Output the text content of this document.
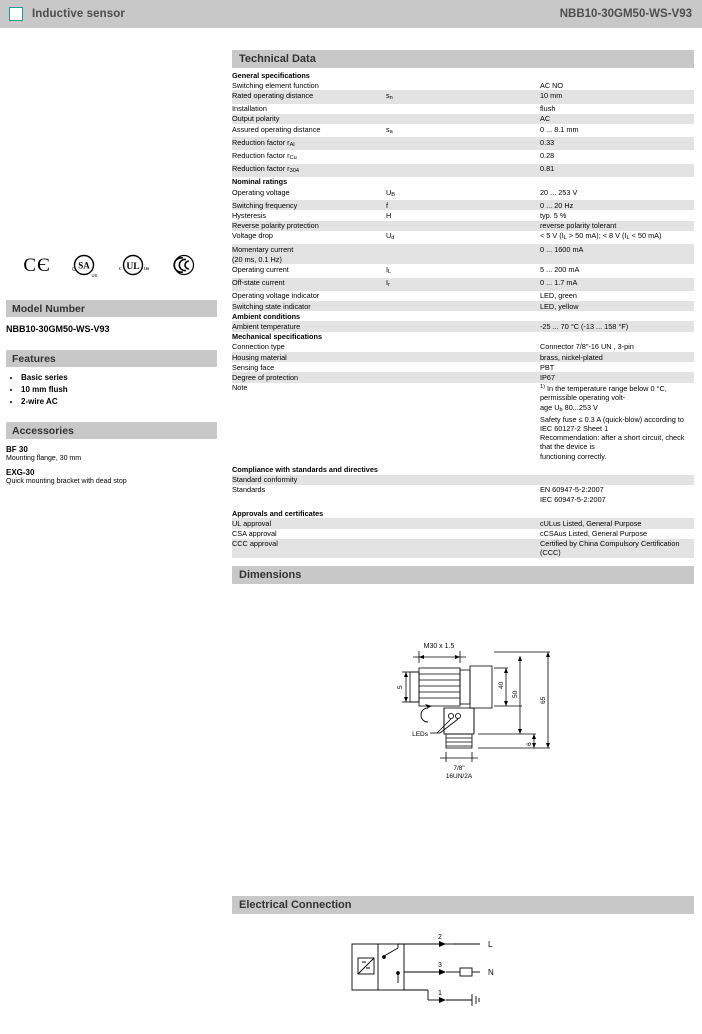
Inductive sensor	NBB10-30GM50-WS-V93
CЄ	SA
C
US
c UL us
Model Number
NBB10-30GM50-WS-V93
Features
• Basic series
• 10 mm flush
• 2-wire AC
Accessories
BF 30
Mounting flange, 30 mm
EXG-30
Quick mounting bracket with dead stop
Technical Data
General specifications		
Switching element function		AC NO
Rated operating distance	sn	10 mm
Installation		flush
Output polarity		AC
Assured operating distance	sa	0 ... 8.1 mm
Reduction factor rAl		0.33
Reduction factor rCu		0.28
Reduction factor r304		0.81
Nominal ratings		
Operating voltage	UB	20 ... 253 V
Switching frequency	f	0 ... 20 Hz
Hysteresis	H	typ. 5 %
Reverse polarity protection		reverse polarity tolerant
Voltage drop	Ud	< 5 V (IL > 50 mA); < 8 V (IL < 50 mA)
Momentary current		0 ... 1600 mA
(20 ms, 0.1 Hz)		
Operating current	IL	5 ... 200 mA
Off-state current	Ir	0 ... 1.7 mA
Operating voltage indicator		LED, green
Switching state indicator		LED, yellow
Ambient conditions		
Ambient temperature		-25 ... 70 °C (-13 ... 158 °F)
Mechanical specifications		
Connection type		Connector 7/8"-16 UN , 3-pin
Housing material		brass, nickel-plated
Sensing face		PBT
Degree of protection		IP67
Note		$^{1)}$ In the temperature range below 0 °C, permissible operating volt-
age Ub 80...253 V
Safety fuse ≤ 0.3 A (quick-blow) according to IEC 60127-2 Sheet 1
Recommendation: after a short circuit, check that the device is
functioning correctly.

Compliance with standards and directives		
Standard conformity		
Standards		EN 60947-5-2:2007
		IEC 60947-5-2:2007

Approvals and certificates		
UL approval		cULus Listed, General Purpose
CSA approval		cCSAus Listed, General Purpose
CCC approval		Certified by China Compulsory Certification (CCC)
Dimensions
M30 x 1.5
5	40
50
65
6
LEDs
7/8"
16UN/2A
Electrical Connection
2
3
1
L
N
